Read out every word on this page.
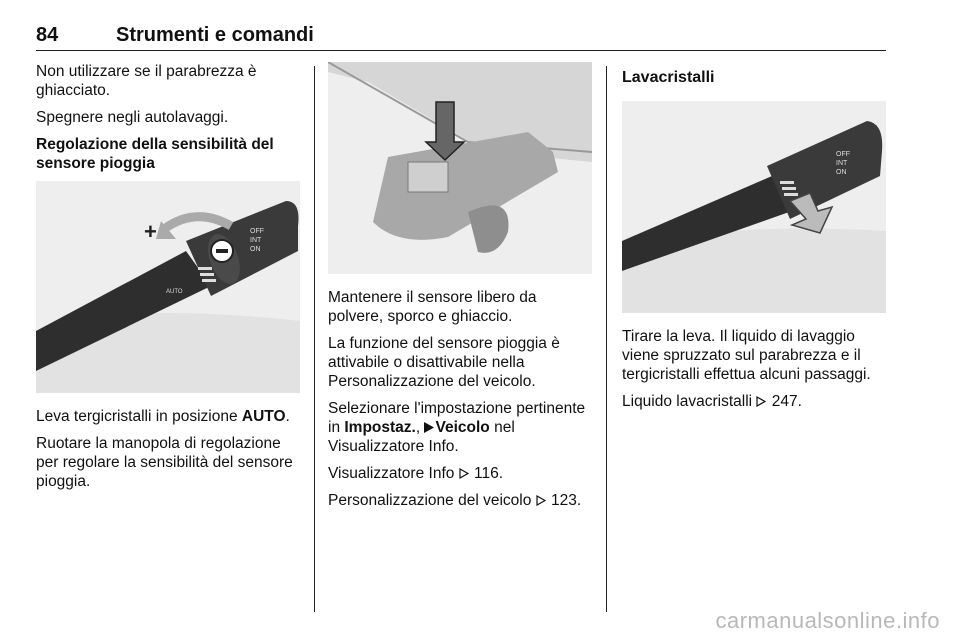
84	Strumenti e comandi

Non utilizzare se il parabrezza è ghiacciato.

Spegnere negli autolavaggi.

Regolazione della sensibilità del sensore pioggia

+	OFF
INT
ON
AUTO

Leva tergicristalli in posizione AUTO.

Ruotare la manopola di regolazione per regolare la sensibilità del sensore pioggia.

Mantenere il sensore libero da polvere, sporco e ghiaccio.

La funzione del sensore pioggia è attivabile o disattivabile nella Personalizzazione del veicolo.

Selezionare l'impostazione pertinente in Impostaz., Veicolo nel Visualizzatore Info.

Visualizzatore Info  116.

Personalizzazione del veicolo  123.

Lavacristalli

OFF
INT
ON

Tirare la leva. Il liquido di lavaggio viene spruzzato sul parabrezza e il tergicristalli effettua alcuni passaggi.

Liquido lavacristalli  247.

carmanualsonline.info
